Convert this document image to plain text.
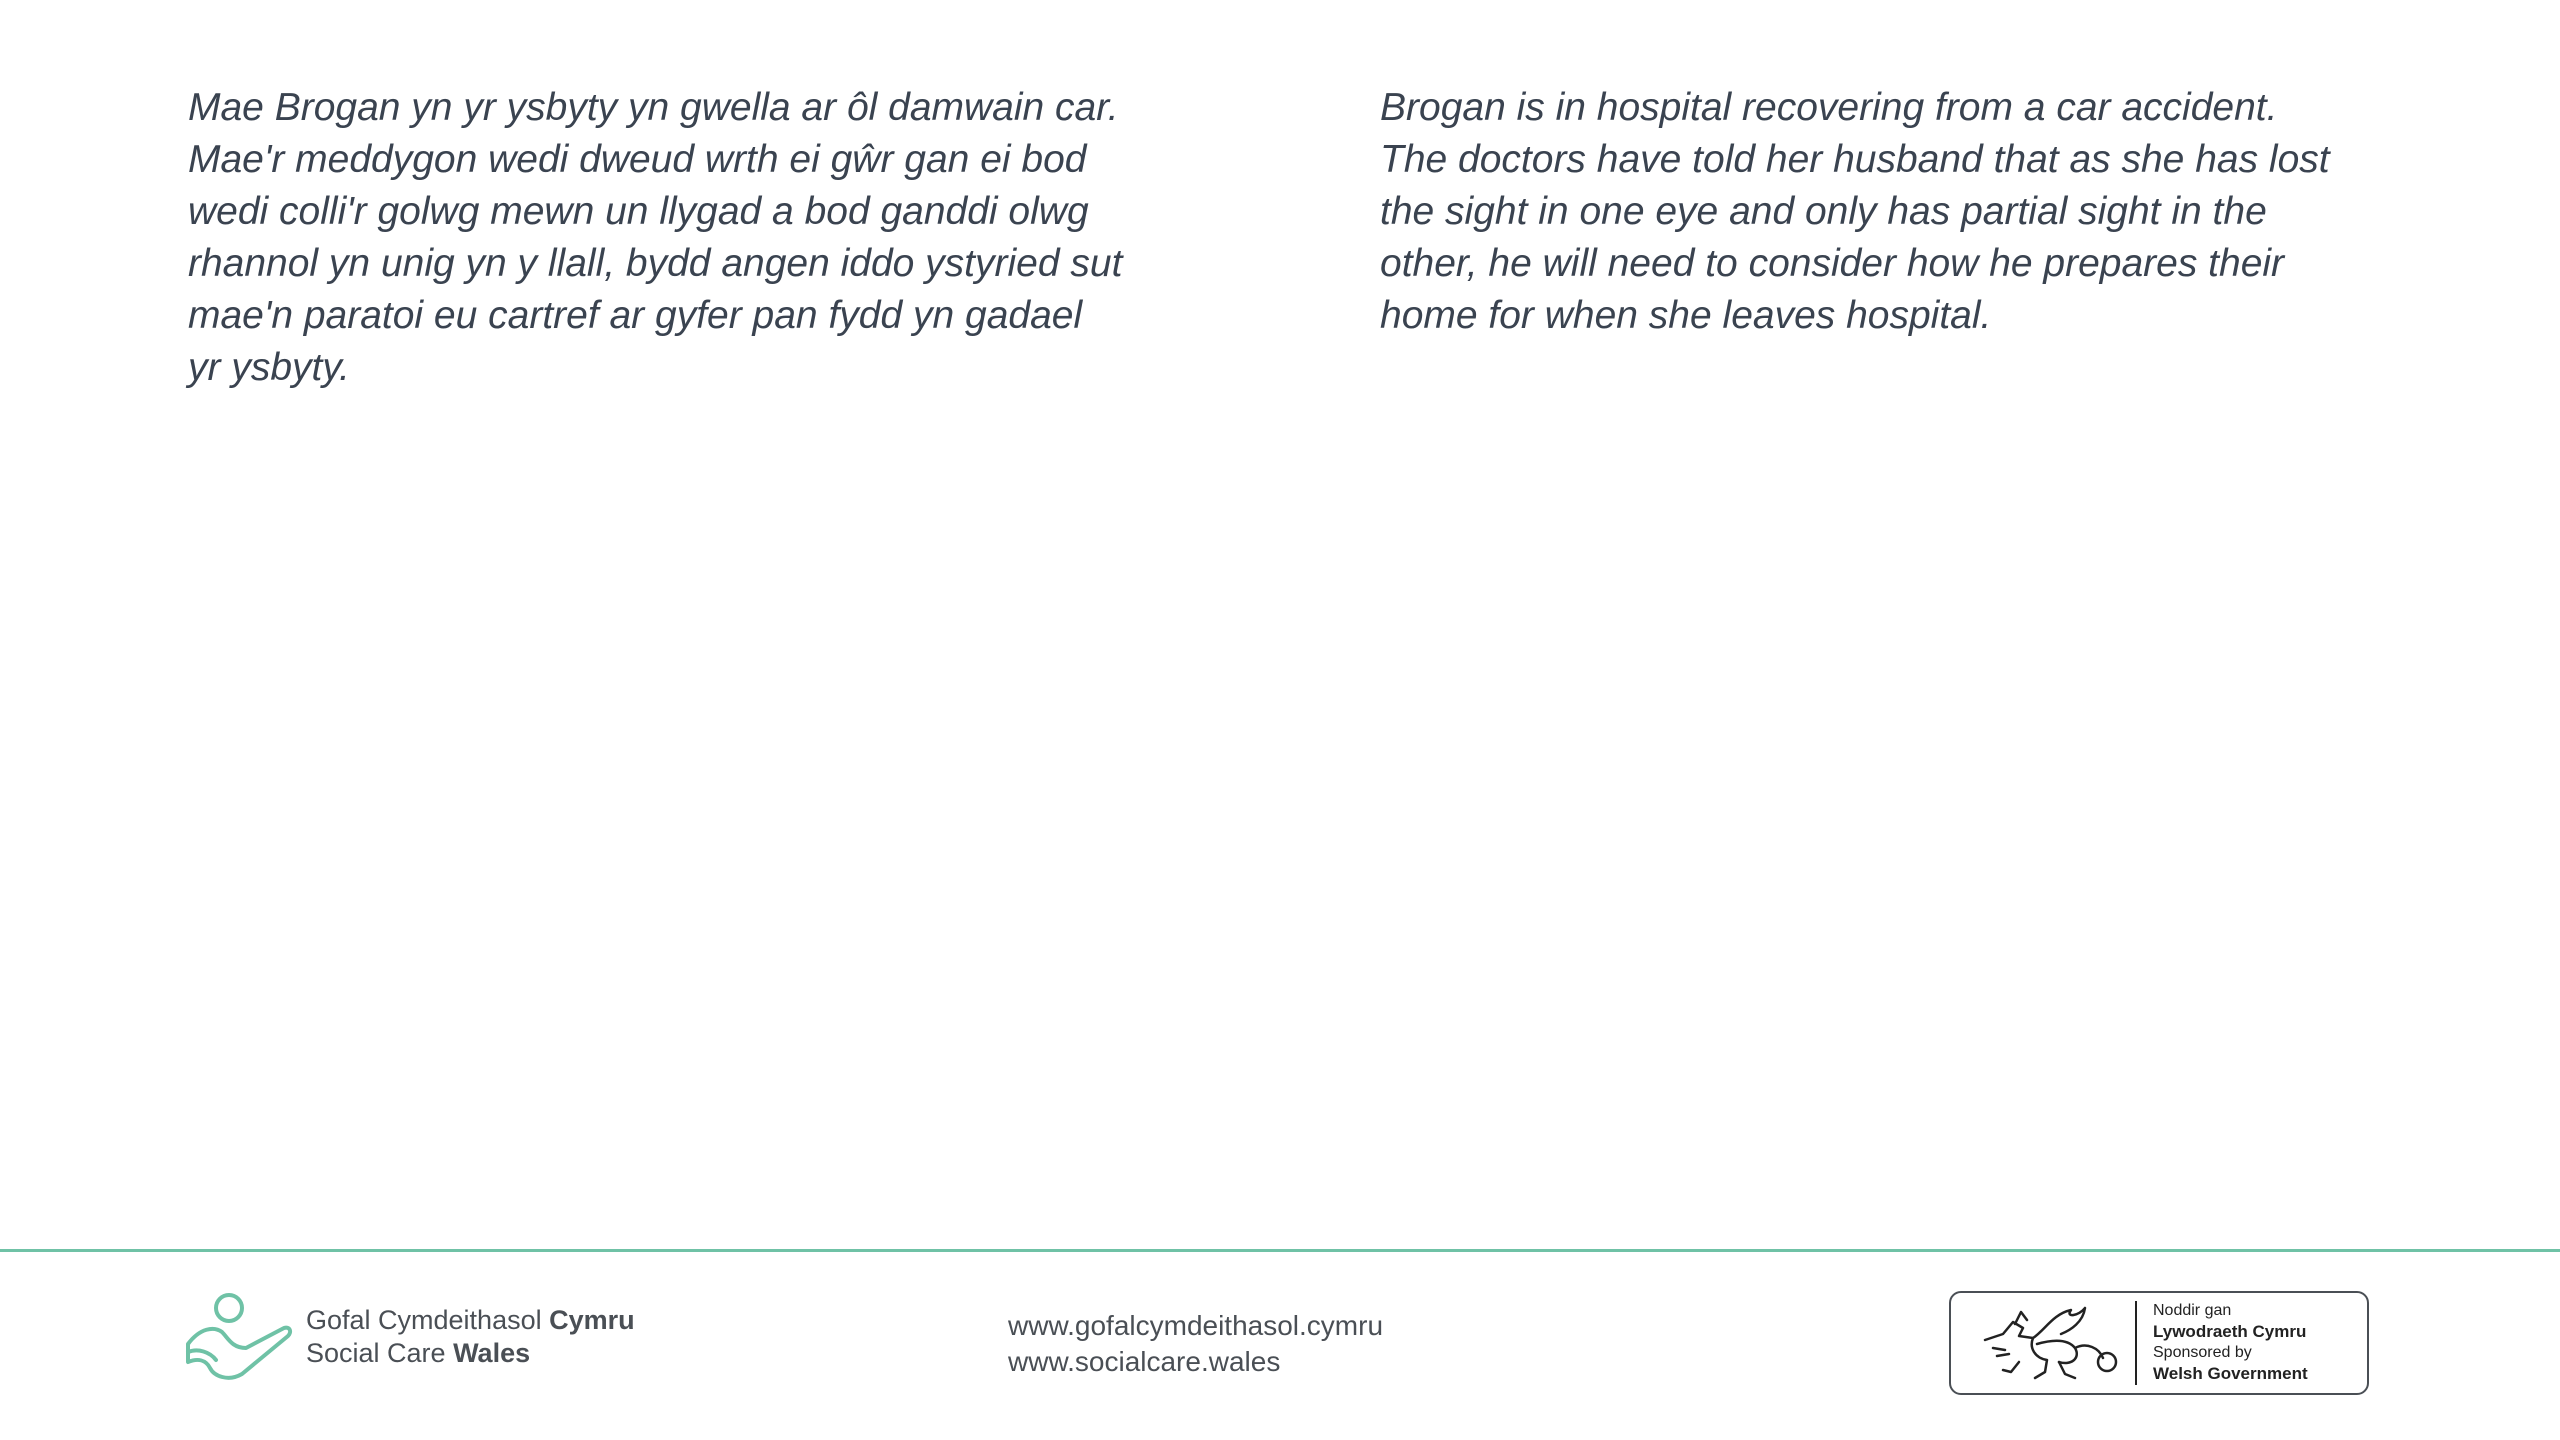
Mae Brogan yn yr ysbyty yn gwella ar ôl damwain car.
Mae'r meddygon wedi dweud wrth ei gŵr gan ei bod
wedi colli'r golwg mewn un llygad a bod ganddi olwg
rhannol yn unig yn y llall, bydd angen iddo ystyried sut
mae'n paratoi eu cartref ar gyfer pan fydd yn gadael
yr ysbyty.

Brogan is in hospital recovering from a car accident.
The doctors have told her husband that as she has lost
the sight in one eye and only has partial sight in the
other, he will need to consider how he prepares their
home for when she leaves hospital.

Gofal Cymdeithasol Cymru
Social Care Wales
www.gofalcymdeithasol.cymru
www.socialcare.wales
Noddir gan
Lywodraeth Cymru
Sponsored by
Welsh Government
